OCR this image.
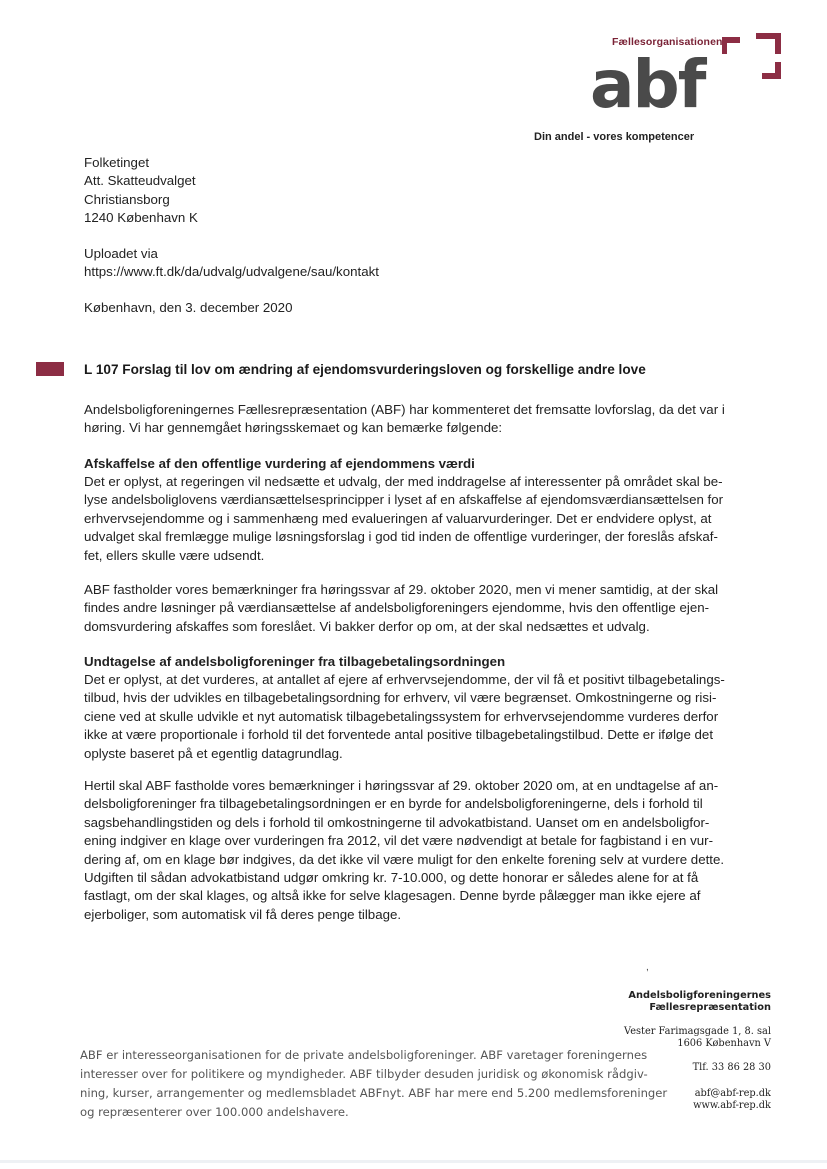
Fællesorganisationen
abf
Din andel - vores kompetencer
Folketinget
Att. Skatteudvalget
Christiansborg
1240 København K
Uploadet via
https://www.ft.dk/da/udvalg/udvalgene/sau/kontakt
København, den 3. december 2020
L 107 Forslag til lov om ændring af ejendomsvurderingsloven og forskellige andre love
Andelsboligforeningernes Fællesrepræsentation (ABF) har kommenteret det fremsatte lovforslag, da det var i
høring. Vi har gennemgået høringsskemaet og kan bemærke følgende:
Afskaffelse af den offentlige vurdering af ejendommens værdi
Det er oplyst, at regeringen vil nedsætte et udvalg, der med inddragelse af interessenter på området skal be-
lyse andelsboliglovens værdiansættelsesprincipper i lyset af en afskaffelse af ejendomsværdiansættelsen for
erhvervsejendomme og i sammenhæng med evalueringen af valuarvurderinger. Det er endvidere oplyst, at
udvalget skal fremlægge mulige løsningsforslag i god tid inden de offentlige vurderinger, der foreslås afskaf-
fet, ellers skulle være udsendt.
ABF fastholder vores bemærkninger fra høringssvar af 29. oktober 2020, men vi mener samtidig, at der skal
findes andre løsninger på værdiansættelse af andelsboligforeningers ejendomme, hvis den offentlige ejen-
domsvurdering afskaffes som foreslået. Vi bakker derfor op om, at der skal nedsættes et udvalg.
Undtagelse af andelsboligforeninger fra tilbagebetalingsordningen
Det er oplyst, at det vurderes, at antallet af ejere af erhvervsejendomme, der vil få et positivt tilbagebetalings-
tilbud, hvis der udvikles en tilbagebetalingsordning for erhverv, vil være begrænset. Omkostningerne og risi-
ciene ved at skulle udvikle et nyt automatisk tilbagebetalingssystem for erhvervsejendomme vurderes derfor
ikke at være proportionale i forhold til det forventede antal positive tilbagebetalingstilbud. Dette er ifølge det
oplyste baseret på et egentlig datagrundlag.
Hertil skal ABF fastholde vores bemærkninger i høringssvar af 29. oktober 2020 om, at en undtagelse af an-
delsboligforeninger fra tilbagebetalingsordningen er en byrde for andelsboligforeningerne, dels i forhold til
sagsbehandlingstiden og dels i forhold til omkostningerne til advokatbistand. Uanset om en andelsboligfor-
ening indgiver en klage over vurderingen fra 2012, vil det være nødvendigt at betale for fagbistand i en vur-
dering af, om en klage bør indgives, da det ikke vil være muligt for den enkelte forening selv at vurdere dette.
Udgiften til sådan advokatbistand udgør omkring kr. 7-10.000, og dette honorar er således alene for at få
fastlagt, om der skal klages, og altså ikke for selve klagesagen. Denne byrde pålægger man ikke ejere af
ejerboliger, som automatisk vil få deres penge tilbage.
,
ABF er interesseorganisationen for de private andelsboligforeninger. ABF varetager foreningernes
interesser over for politikere og myndigheder. ABF tilbyder desuden juridisk og økonomisk rådgiv-
ning, kurser, arrangementer og medlemsbladet ABFnyt. ABF har mere end 5.200 medlemsforeninger
og repræsenterer over 100.000 andelshavere.
Andelsboligforeningernes
Fællesrepræsentation
Vester Farimagsgade 1, 8. sal
1606 København V
Tlf. 33 86 28 30
abf@abf-rep.dk
www.abf-rep.dk
